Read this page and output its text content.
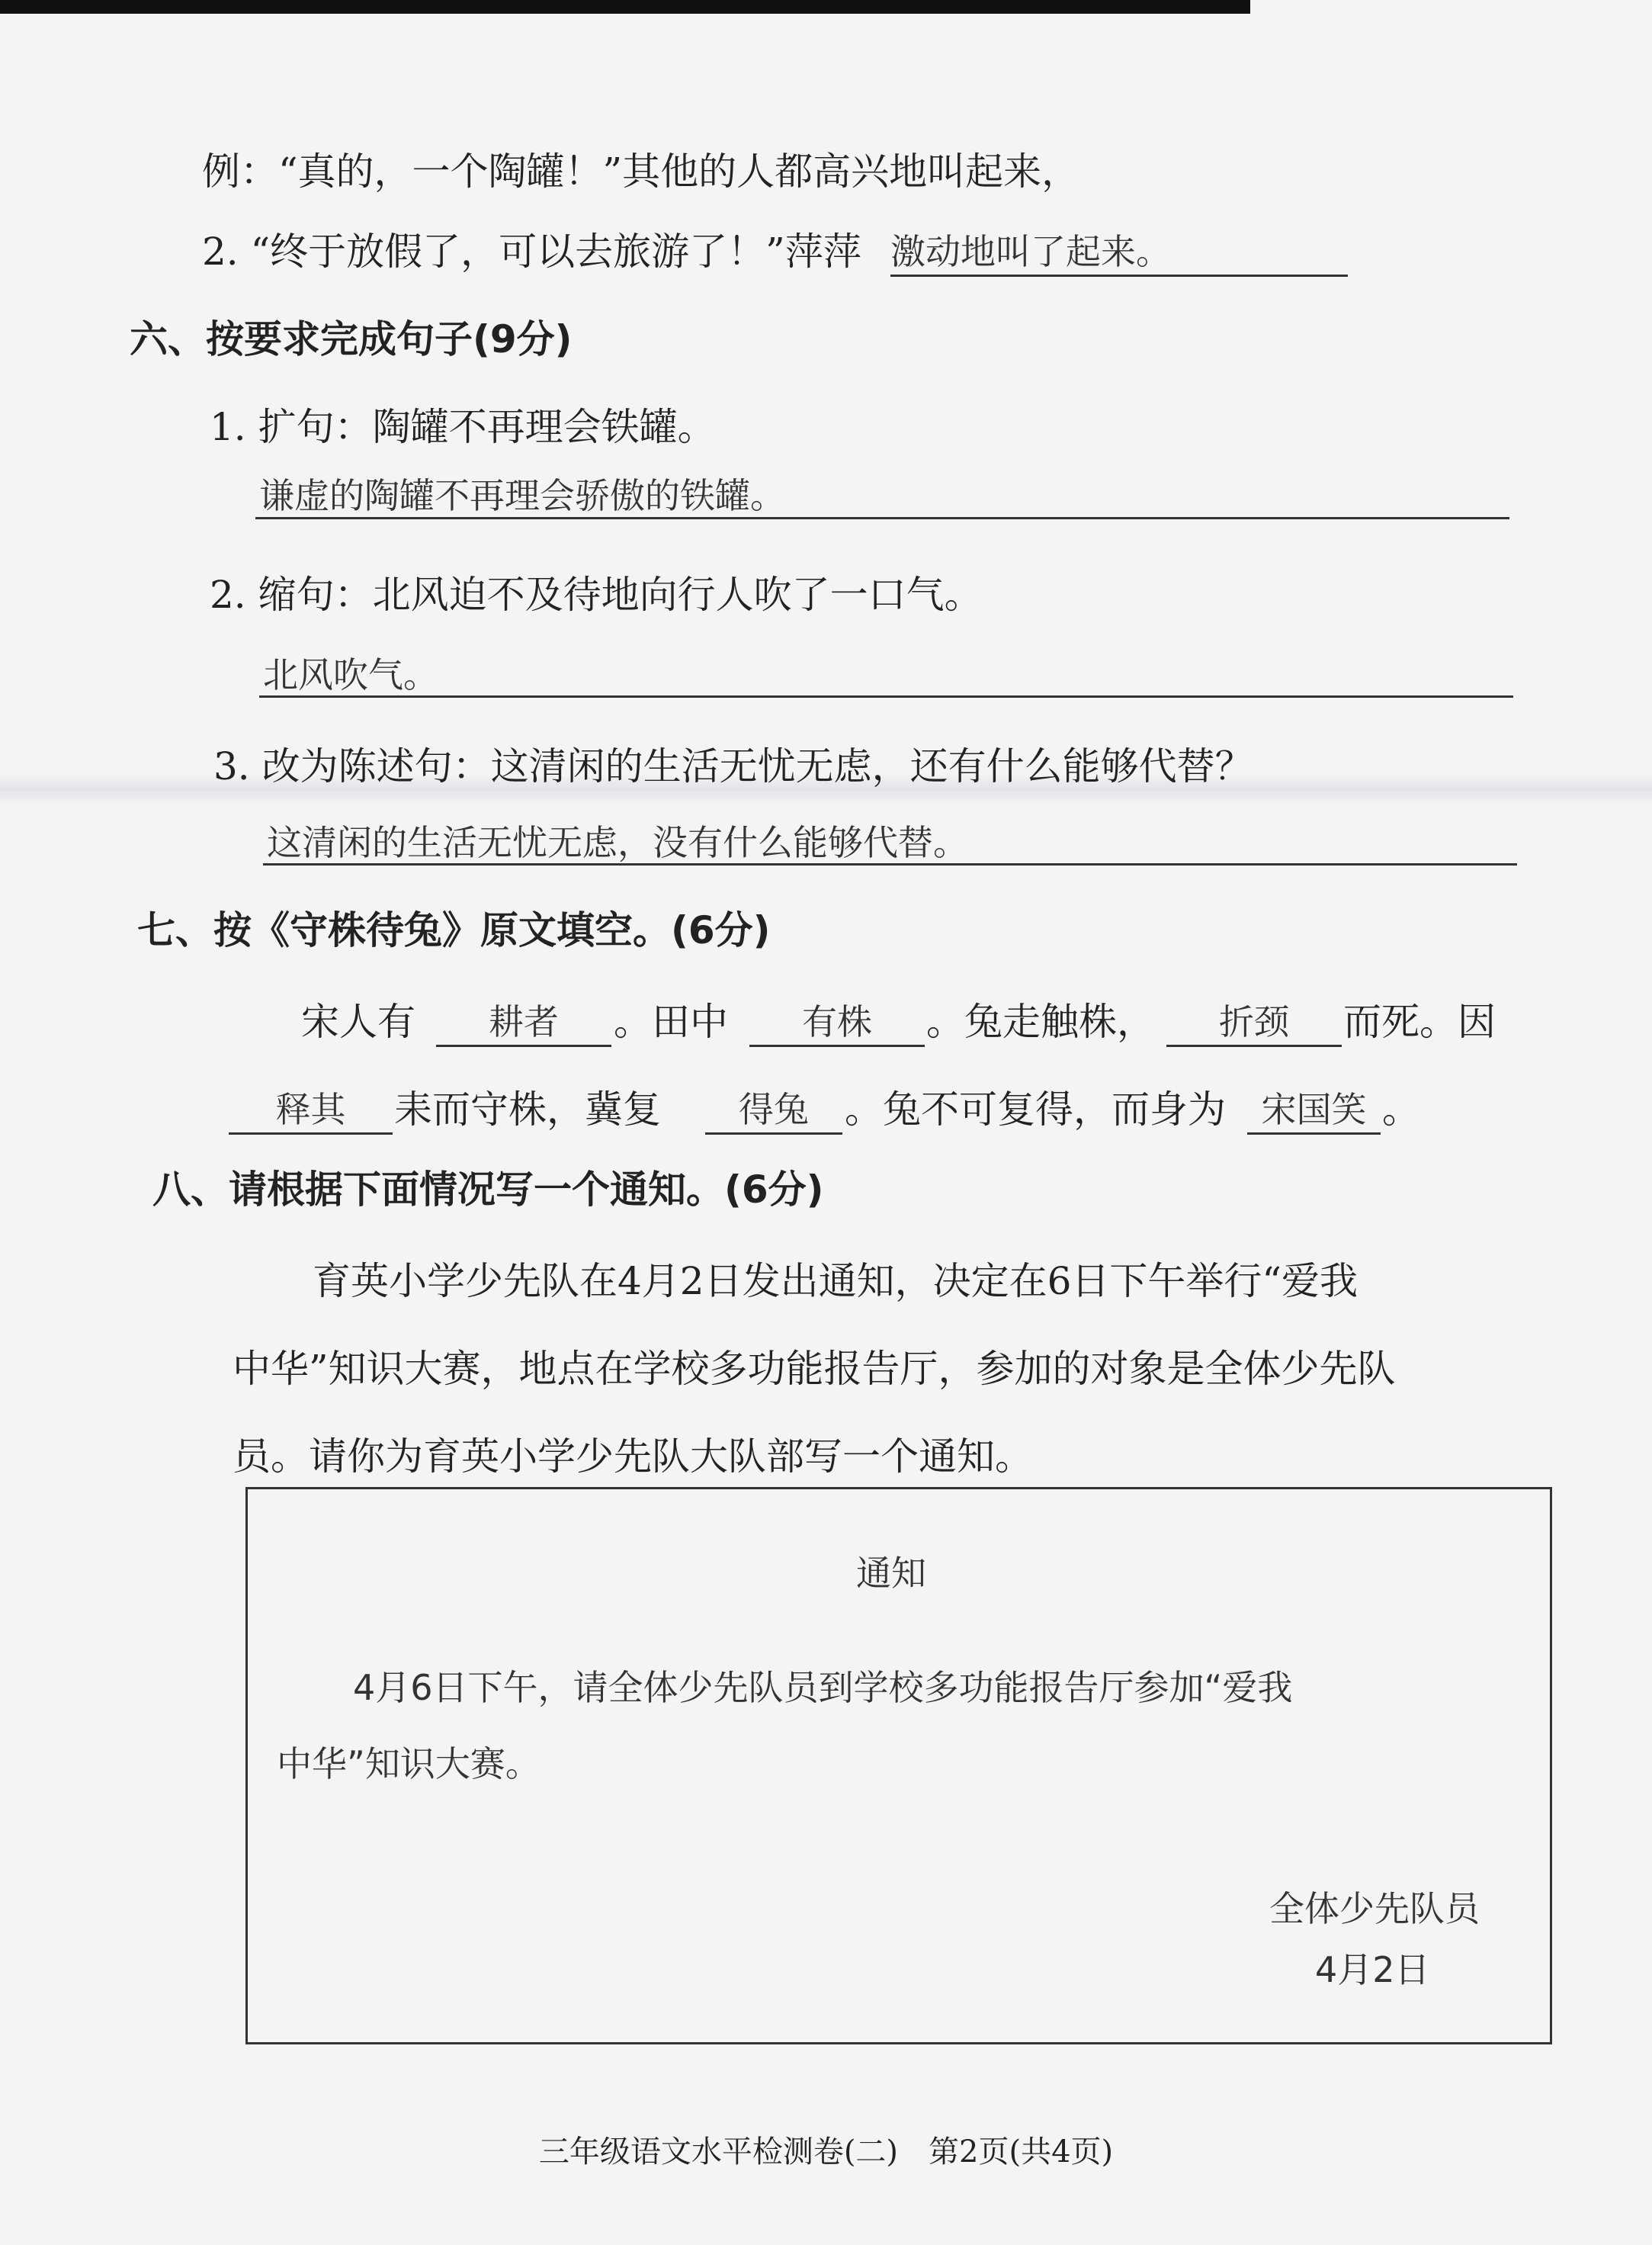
例：“真的，一个陶罐！”其他的人都高兴地叫起来，
2. “终于放假了，可以去旅游了！”萍萍 激动地叫了起来。
六、按要求完成句子(9分)
1. 扩句：陶罐不再理会铁罐。
谦虚的陶罐不再理会骄傲的铁罐。
2. 缩句：北风迫不及待地向行人吹了一口气。
北风吹气。
3. 改为陈述句：这清闲的生活无忧无虑，还有什么能够代替？
这清闲的生活无忧无虑，没有什么能够代替。
七、按《守株待兔》原文填空。(6分)
宋人有	耕者	。田中	有株	。兔走触株，	折颈	而死。因
释其	耒而守株，冀复	得兔 。兔不可复得，而身为	宋国笑 。
八、请根据下面情况写一个通知。(6分)
育英小学少先队在4月2日发出通知，决定在6日下午举行“爱我
中华”知识大赛，地点在学校多功能报告厅，参加的对象是全体少先队
员。请你为育英小学少先队大队部写一个通知。
通知
4月6日下午，请全体少先队员到学校多功能报告厅参加“爱我
中华”知识大赛。
全体少先队员
4月2日
三年级语文水平检测卷(二)　第2页(共4页)
